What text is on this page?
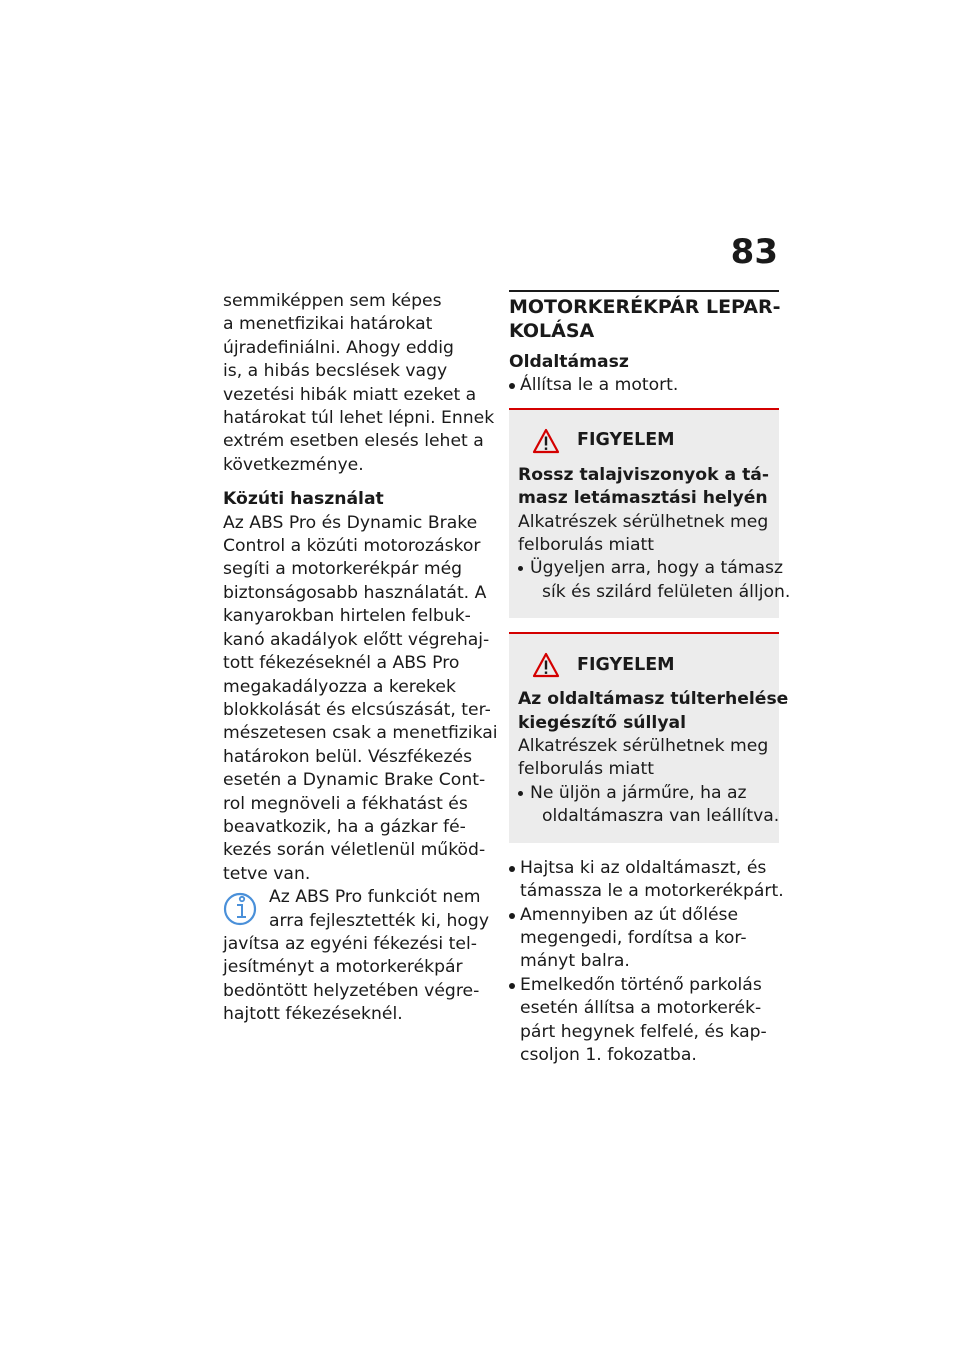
83
semmiképpen sem képes
a menetfizikai határokat
újradefiniálni. Ahogy eddig
is, a hibás becslések vagy
vezetési hibák miatt ezeket a
határokat túl lehet lépni. Ennek
extrém esetben elesés lehet a
következménye.
Közúti használat
Az ABS Pro és Dynamic Brake
Control a közúti motorozáskor
segíti a motorkerékpár még
biztonságosabb használatát. A
kanyarokban hirtelen felbuk-
kanó akadályok előtt végrehaj-
tott fékezéseknél a ABS Pro
megakadályozza a kerekek
blokkolását és elcsúszását, ter-
mészetesen csak a menetfizikai
határokon belül. Vészfékezés
esetén a Dynamic Brake Cont-
rol megnöveli a fékhatást és
beavatkozik, ha a gázkar fé-
kezés során véletlenül működ-
tetve van.
Az ABS Pro funkciót nem
arra fejlesztették ki, hogy
javítsa az egyéni fékezési tel-
jesítményt a motorkerékpár
bedöntött helyzetében végre-
hajtott fékezéseknél.
MOTORKERÉKPÁR LEPAR-
KOLÁSA
Oldaltámasz
Állítsa le a motort.
FIGYELEM
Rossz talajviszonyok a tá-
masz letámasztási helyén
Alkatrészek sérülhetnek meg
felborulás miatt
Ügyeljen arra, hogy a támasz
sík és szilárd felületen álljon.
FIGYELEM
Az oldaltámasz túlterhelése
kiegészítő súllyal
Alkatrészek sérülhetnek meg
felborulás miatt
Ne üljön a járműre, ha az
oldaltámaszra van leállítva.
Hajtsa ki az oldaltámaszt, és
támassza le a motorkerékpárt.
Amennyiben az út dőlése
megengedi, fordítsa a kor-
mányt balra.
Emelkedőn történő parkolás
esetén állítsa a motorkerék-
párt hegynek felfelé, és kap-
csoljon 1. fokozatba.
